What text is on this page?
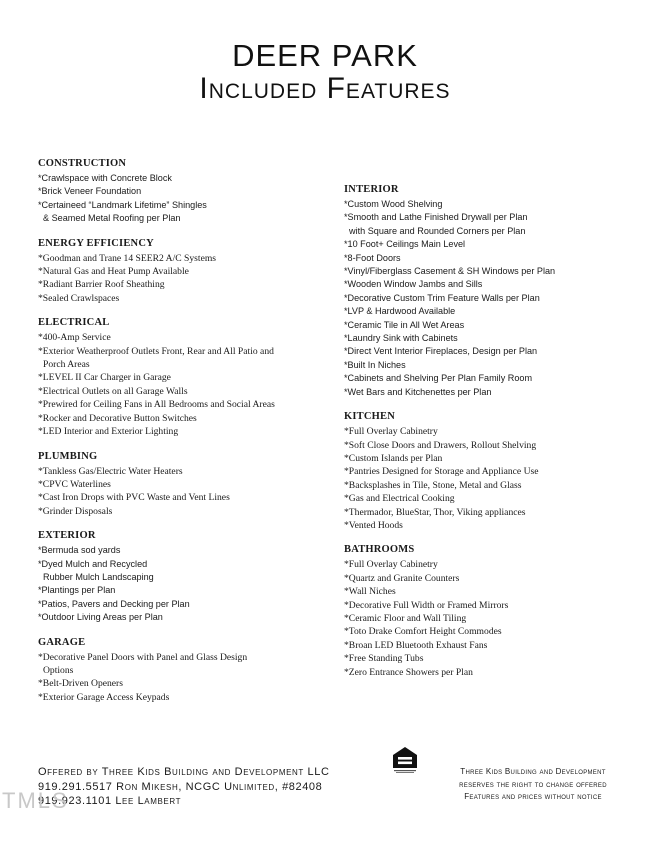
DEER PARK
Included Features
CONSTRUCTION
*Crawlspace with Concrete Block
*Brick Veneer Foundation
*Certaineed “Landmark Lifetime” Shingles
& Seamed Metal Roofing per Plan
ENERGY EFFICIENCY
*Goodman and Trane 14 SEER2 A/C Systems
*Natural Gas and Heat Pump Available
*Radiant Barrier Roof Sheathing
*Sealed Crawlspaces
ELECTRICAL
*400-Amp Service
*Exterior Weatherproof Outlets Front, Rear and All Patio and
Porch Areas
*LEVEL II Car Charger in Garage
*Electrical Outlets on all Garage Walls
*Prewired for Ceiling Fans in All Bedrooms and Social Areas
*Rocker and Decorative Button Switches
*LED Interior and Exterior Lighting
PLUMBING
*Tankless Gas/Electric Water Heaters
*CPVC Waterlines
*Cast Iron Drops with PVC Waste and Vent Lines
*Grinder Disposals
EXTERIOR
*Bermuda sod yards
*Dyed Mulch and Recycled
Rubber Mulch Landscaping
*Plantings per Plan
*Patios, Pavers and Decking per Plan
*Outdoor Living Areas per Plan
GARAGE
*Decorative Panel Doors with Panel and Glass Design
Options
*Belt-Driven Openers
*Exterior Garage Access Keypads
INTERIOR
*Custom Wood Shelving
*Smooth and Lathe Finished Drywall per Plan
with Square and Rounded Corners per Plan
*10 Foot+ Ceilings Main Level
*8-Foot Doors
*Vinyl/Fiberglass Casement & SH Windows per Plan
*Wooden Window Jambs and Sills
*Decorative Custom Trim Feature Walls per Plan
*LVP & Hardwood Available
*Ceramic Tile in All Wet Areas
*Laundry Sink with Cabinets
*Direct Vent Interior Fireplaces, Design per Plan
*Built In Niches
*Cabinets and Shelving Per Plan Family Room
*Wet Bars and Kitchenettes per Plan
KITCHEN
*Full Overlay Cabinetry
*Soft Close Doors and Drawers, Rollout Shelving
*Custom Islands per Plan
*Pantries Designed for Storage and Appliance Use
*Backsplashes in Tile, Stone, Metal and Glass
*Gas and Electrical Cooking
*Thermador, BlueStar, Thor, Viking appliances
*Vented Hoods
BATHROOMS
*Full Overlay Cabinetry
*Quartz and Granite Counters
*Wall Niches
*Decorative Full Width or Framed Mirrors
*Ceramic Floor and Wall Tiling
*Toto Drake Comfort Height Commodes
*Broan LED Bluetooth Exhaust Fans
*Free Standing Tubs
*Zero Entrance Showers per Plan
Offered by Three Kids Building and Development LLC
919.291.5517 Ron Mikesh, NCGC Unlimited, #82408
919.923.1101 Lee Lambert
Three Kids Building and Development
reserves the right to change offered
Features and prices without notice
TMLS
